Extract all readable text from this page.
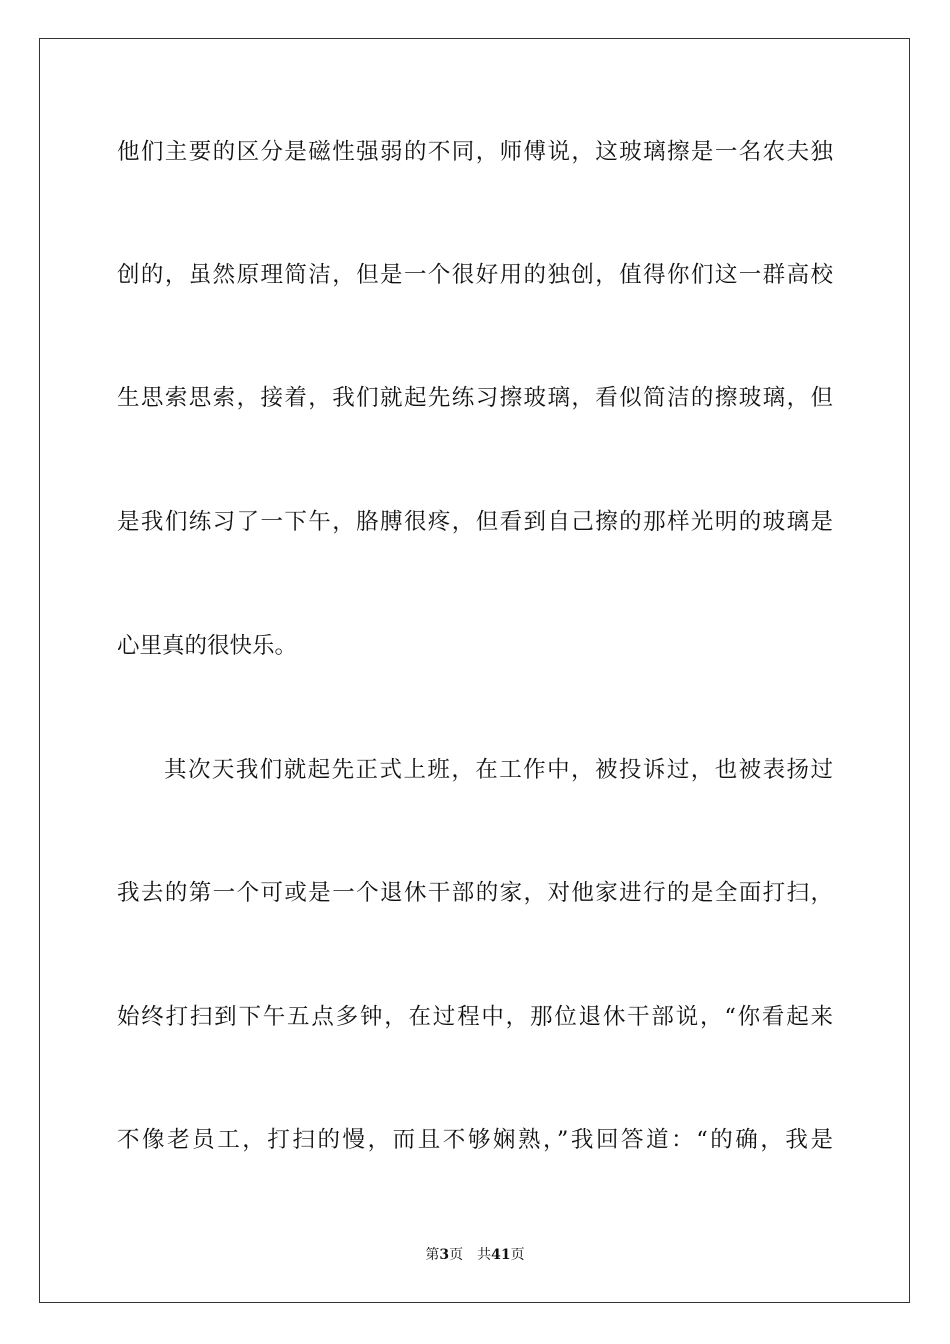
他们主要的区分是磁性强弱的不同，师傅说，这玻璃擦是一名农夫独
创的，虽然原理简洁，但是一个很好用的独创，值得你们这一群高校
生思索思索，接着，我们就起先练习擦玻璃，看似简洁的擦玻璃，但
是我们练习了一下午，胳膊很疼，但看到自己擦的那样光明的玻璃是
心里真的很快乐。
其次天我们就起先正式上班，在工作中，被投诉过，也被表扬过
我去的第一个可或是一个退休干部的家，对他家进行的是全面打扫，
始终打扫到下午五点多钟，在过程中，那位退休干部说，“你看起来
不像老员工，打扫的慢，而且不够娴熟，”我回答道：“的确，我是
第3页 共41页
